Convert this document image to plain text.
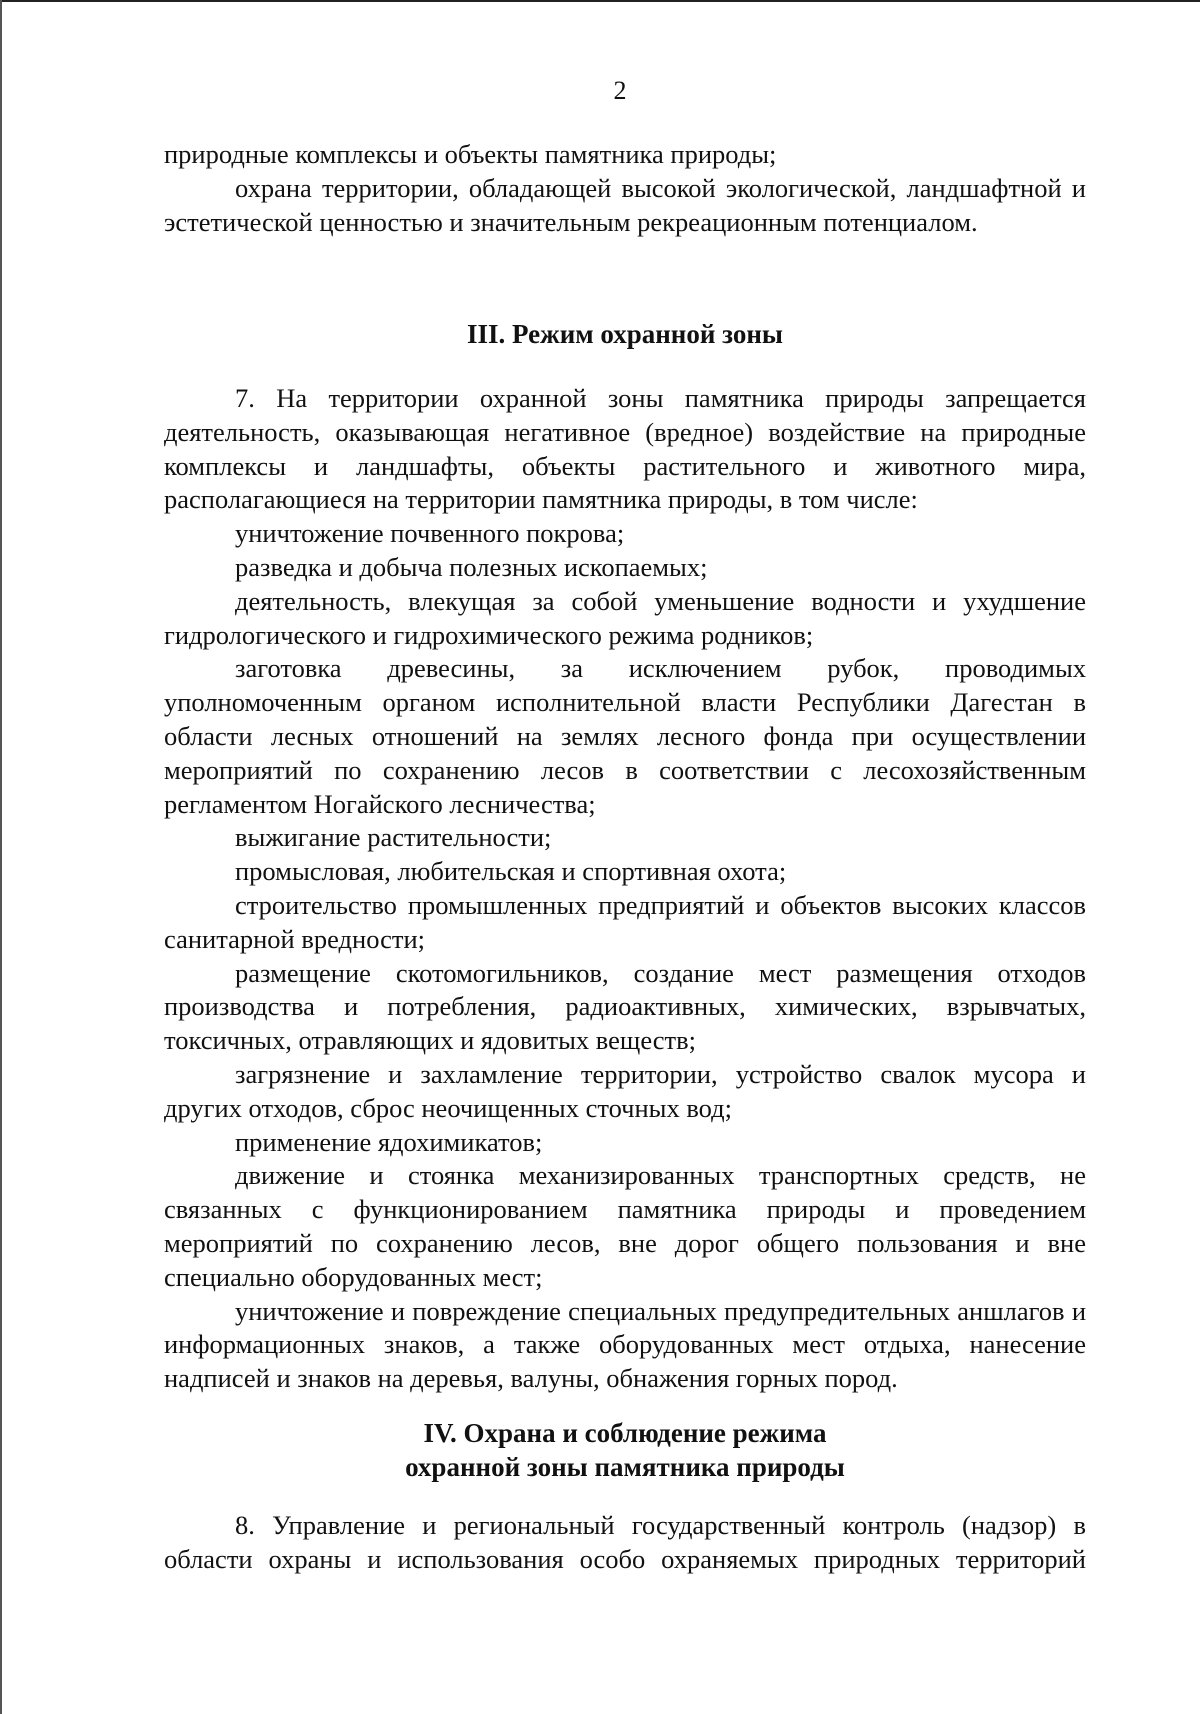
2

природные комплексы и объекты памятника природы;

охрана территории, обладающей высокой экологической, ландшафтной и эстетической ценностью и значительным рекреационным потенциалом.

III. Режим охранной зоны

7. На территории охранной зоны памятника природы запрещается деятельность, оказывающая негативное (вредное) воздействие на природные комплексы и ландшафты, объекты растительного и животного мира, располагающиеся на территории памятника природы, в том числе:

уничтожение почвенного покрова;

разведка и добыча полезных ископаемых;

деятельность, влекущая за собой уменьшение водности и ухудшение гидрологического и гидрохимического режима родников;

заготовка древесины, за исключением рубок, проводимых уполномоченным органом исполнительной власти Республики Дагестан в области лесных отношений на землях лесного фонда при осуществлении мероприятий по сохранению лесов в соответствии с лесохозяйственным регламентом Ногайского лесничества;

выжигание растительности;

промысловая, любительская и спортивная охота;

строительство промышленных предприятий и объектов высоких классов санитарной вредности;

размещение скотомогильников, создание мест размещения отходов производства и потребления, радиоактивных, химических, взрывчатых, токсичных, отравляющих и ядовитых веществ;

загрязнение и захламление территории, устройство свалок мусора и других отходов, сброс неочищенных сточных вод;

применение ядохимикатов;

движение и стоянка механизированных транспортных средств, не связанных с функционированием памятника природы и проведением мероприятий по сохранению лесов, вне дорог общего пользования и вне специально оборудованных мест;

уничтожение и повреждение специальных предупредительных аншлагов и информационных знаков, а также оборудованных мест отдыха, нанесение надписей и знаков на деревья, валуны, обнажения горных пород.

IV. Охрана и соблюдение режима
охранной зоны памятника природы

8. Управление и региональный государственный контроль (надзор) в области охраны и использования особо охраняемых природных территорий
